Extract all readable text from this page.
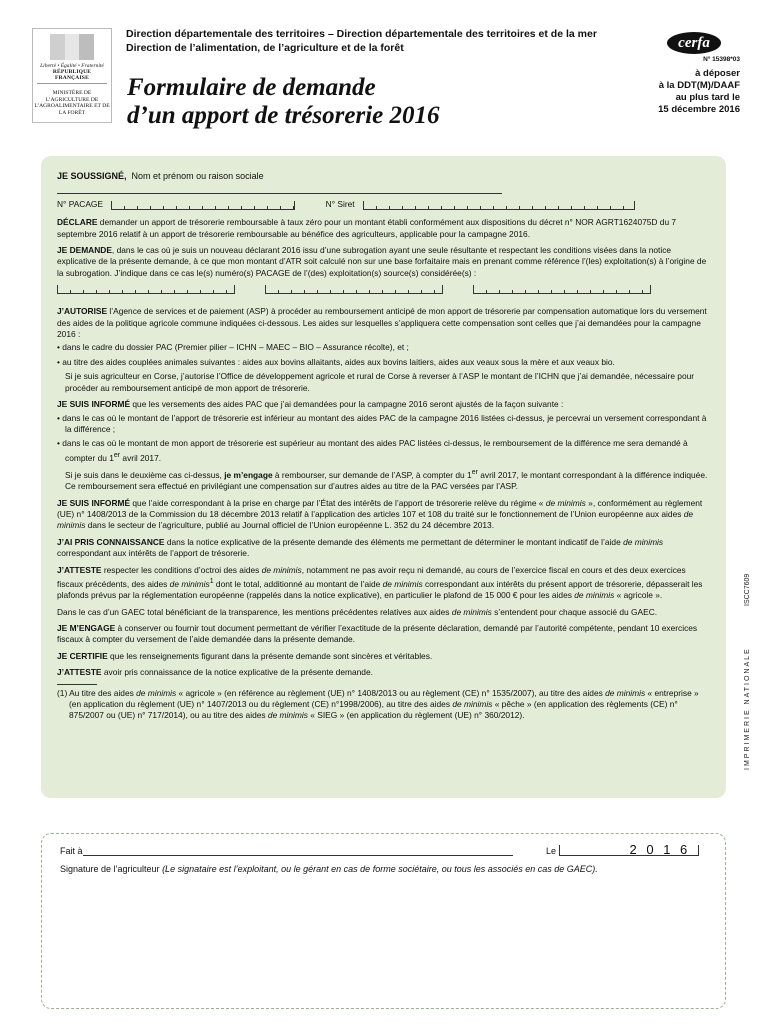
Liberté • Égalité • Fraternité
RÉPUBLIQUE FRANÇAISE
MINISTÈRE DE L’AGRICULTURE DE L’AGROALIMENTAIRE ET DE LA FORÊT
Direction départementale des territoires – Direction départementale des territoires et de la mer
Direction de l’alimentation, de l’agriculture et de la forêt
Formulaire de demande
d’un apport de trésorerie 2016
cerfa
N° 15398*03
à déposer
à la DDT(M)/DAAF
au plus tard le
15 décembre 2016

JE SOUSSIGNÉ, Nom et prénom ou raison sociale

N° PACAGE	N° Siret

DÉCLARE demander un apport de trésorerie remboursable à taux zéro pour un montant établi conformément aux dispositions du décret n° NOR AGRT1624075D du 7 septembre 2016 relatif à un apport de trésorerie remboursable au bénéfice des agriculteurs, applicable pour la campagne 2016.

JE DEMANDE, dans le cas où je suis un nouveau déclarant 2016 issu d’une subrogation ayant une seule résultante et respectant les conditions visées dans la notice explicative de la présente demande, à ce que mon montant d’ATR soit calculé non sur une base forfaitaire mais en prenant comme référence l’(les) exploitation(s) à l’origine de la subrogation. J’indique dans ce cas le(s) numéro(s) PACAGE de l’(des) exploitation(s) source(s) considérée(s) :

J’AUTORISE l’Agence de services et de paiement (ASP) à procéder au remboursement anticipé de mon apport de trésorerie par compensation automatique lors du versement des aides de la politique agricole commune indiquées ci-dessous. Les aides sur lesquelles s’appliquera cette compensation sont celles que j’ai demandées pour la campagne 2016 :

• dans le cadre du dossier PAC (Premier pilier – ICHN – MAEC – BIO – Assurance récolte), et ;

• au titre des aides couplées animales suivantes : aides aux bovins allaitants, aides aux bovins laitiers, aides aux veaux sous la mère et aux veaux bio.

Si je suis agriculteur en Corse, j’autorise l’Office de développement agricole et rural de Corse à reverser à l’ASP le montant de l’ICHN que j’ai demandée, nécessaire pour procéder au remboursement anticipé de mon apport de trésorerie.

JE SUIS INFORMÉ que les versements des aides PAC que j’ai demandées pour la campagne 2016 seront ajustés de la façon suivante :

• dans le cas où le montant de l’apport de trésorerie est inférieur au montant des aides PAC de la campagne 2016 listées ci-dessus, je percevrai un versement correspondant à la différence ;

• dans le cas où le montant de mon apport de trésorerie est supérieur au montant des aides PAC listées ci-dessus, le remboursement de la différence me sera demandé à compter du 1er avril 2017.

Si je suis dans le deuxième cas ci-dessus, je m’engage à rembourser, sur demande de l’ASP, à compter du 1er avril 2017, le montant correspondant à la différence indiquée. Ce remboursement sera effectué en privilégiant une compensation sur d’autres aides au titre de la PAC versées par l’ASP.

JE SUIS INFORMÉ que l’aide correspondant à la prise en charge par l’État des intérêts de l’apport de trésorerie relève du régime « de minimis », conformément au règlement (UE) n° 1408/2013 de la Commission du 18 décembre 2013 relatif à l’application des articles 107 et 108 du traité sur le fonctionnement de l’Union européenne aux aides de minimis dans le secteur de l’agriculture, publié au Journal officiel de l’Union européenne L. 352 du 24 décembre 2013.

J’AI PRIS CONNAISSANCE dans la notice explicative de la présente demande des éléments me permettant de déterminer le montant indicatif de l’aide de minimis correspondant aux intérêts de l’apport de trésorerie.

J’ATTESTE respecter les conditions d’octroi des aides de minimis, notamment ne pas avoir reçu ni demandé, au cours de l’exercice fiscal en cours et des deux exercices fiscaux précédents, des aides de minimis$^1$ dont le total, additionné au montant de l’aide de minimis correspondant aux intérêts du présent apport de trésorerie, dépasserait les plafonds prévus par la réglementation européenne (rappelés dans la notice explicative), en particulier le plafond de 15 000 € pour les aides de minimis « agricole ».

Dans le cas d’un GAEC total bénéficiant de la transparence, les mentions précédentes relatives aux aides de minimis s’entendent pour chaque associé du GAEC.

JE M’ENGAGE à conserver ou fournir tout document permettant de vérifier l’exactitude de la présente déclaration, demandé par l’autorité compétente, pendant 10 exercices fiscaux à compter du versement de l’aide demandée dans la présente demande.

JE CERTIFIE que les renseignements figurant dans la présente demande sont sincères et véritables.

J’ATTESTE avoir pris connaissance de la notice explicative de la présente demande.

(1) Au titre des aides de minimis « agricole » (en référence au règlement (UE) n° 1408/2013 ou au règlement (CE) n° 1535/2007), au titre des aides de minimis « entreprise » (en application du règlement (UE) n° 1407/2013 ou du règlement (CE) n°1998/2006), au titre des aides de minimis « pêche » (en application des règlements (CE) n° 875/2007 ou (UE) n° 717/2014), ou au titre des aides de minimis « SIEG » (en application du règlement (UE) n° 360/2012).	IMPRIMERIE NATIONALE
ISCC7609
Fait à	Le	2 0 1 6
Signature de l’agriculteur (Le signataire est l’exploitant, ou le gérant en cas de forme sociétaire, ou tous les associés en cas de GAEC).
